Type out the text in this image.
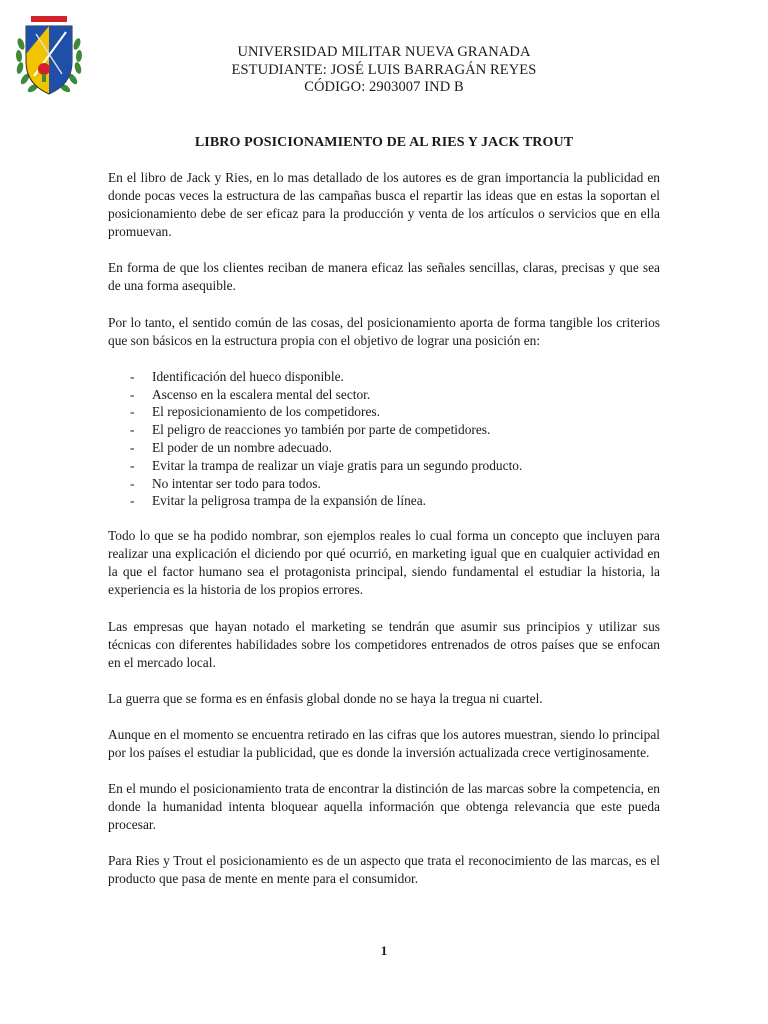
UNIVERSIDAD MILITAR NUEVA GRANADA
ESTUDIANTE: JOSÉ LUIS BARRAGÁN REYES
CÓDIGO: 2903007 IND B
LIBRO POSICIONAMIENTO DE AL RIES Y JACK TROUT

En el libro de Jack y Ries, en lo mas detallado de los autores es de gran importancia la publicidad en donde pocas veces la estructura de las campañas busca el repartir las ideas que en estas la soportan el posicionamiento debe de ser eficaz para la producción y venta de los artículos o servicios que en ella promuevan.

En forma de que los clientes reciban de manera eficaz las señales sencillas, claras, precisas y que sea de una forma asequible.

Por lo tanto, el sentido común de las cosas, del posicionamiento aporta de forma tangible los criterios que son básicos en la estructura propia con el objetivo de lograr una posición en:

- Identificación del hueco disponible.
- Ascenso en la escalera mental del sector.
- El reposicionamiento de los competidores.
- El peligro de reacciones yo también por parte de competidores.
- El poder de un nombre adecuado.
- Evitar la trampa de realizar un viaje gratis para un segundo producto.
- No intentar ser todo para todos.
- Evitar la peligrosa trampa de la expansión de línea.

Todo lo que se ha podido nombrar, son ejemplos reales lo cual forma un concepto que incluyen para realizar una explicación el diciendo por qué ocurrió, en marketing igual que en cualquier actividad en la que el factor humano sea el protagonista principal, siendo fundamental el estudiar la historia, la experiencia es la historia de los propios errores.

Las empresas que hayan notado el marketing se tendrán que asumir sus principios y utilizar sus técnicas con diferentes habilidades sobre los competidores entrenados de otros países que se enfocan en el mercado local.

La guerra que se forma es en énfasis global donde no se haya la tregua ni cuartel.

Aunque en el momento se encuentra retirado en las cifras que los autores muestran, siendo lo principal por los países el estudiar la publicidad, que es donde la inversión actualizada crece vertiginosamente.

En el mundo el posicionamiento trata de encontrar la distinción de las marcas sobre la competencia, en donde la humanidad intenta bloquear aquella información que obtenga relevancia que este pueda procesar.

Para Ries y Trout el posicionamiento es de un aspecto que trata el reconocimiento de las marcas, es el producto que pasa de mente en mente para el consumidor.

1
